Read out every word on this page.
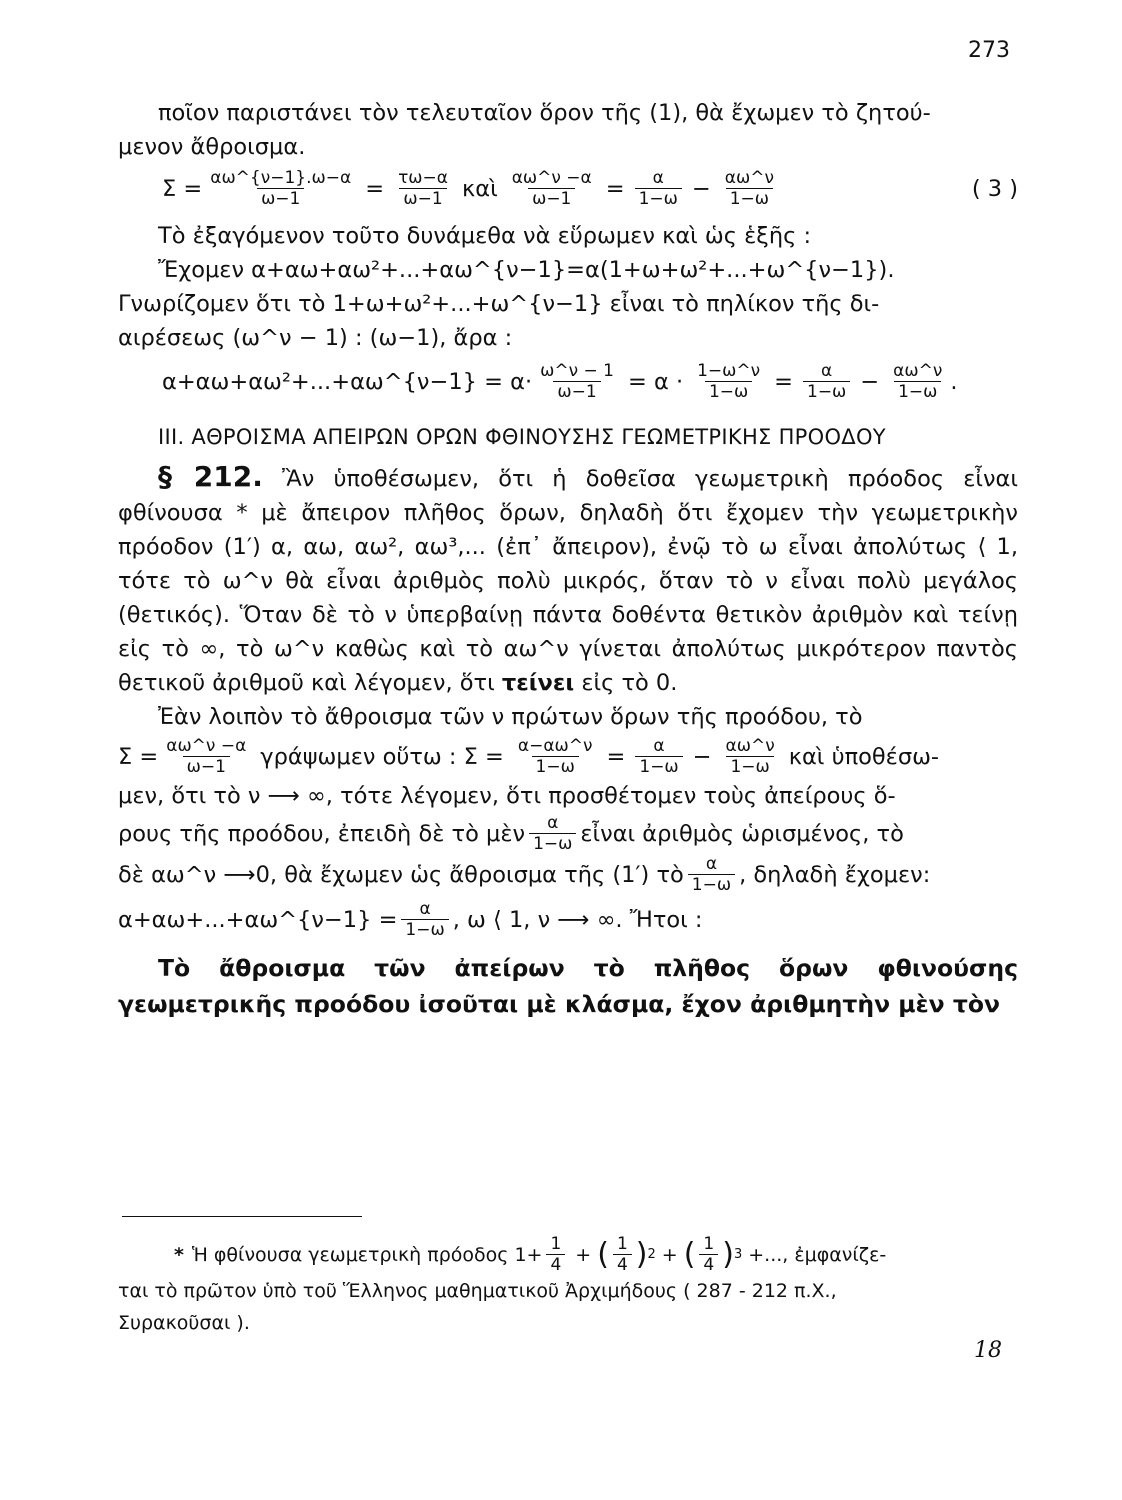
273

ποῖον παριστάνει τὸν τελευταῖον ὅρον τῆς (1), θὰ ἔχωμεν τὸ ζητού-

μενον ἄθροισμα.

$\Sigma = \frac{\alpha\omega\^{}\{\nu-1\}.\omega-\alpha}{\omega-1} = \frac{\tau\omega-\alpha}{\omega-1}$ καὶ $\frac{\alpha\omega\^{}\nu -\alpha}{\omega-1} = \frac{\alpha}{1-\omega} - \frac{\alpha\omega\^{}\nu}{1-\omega}$	( 3 )

Τὸ ἐξαγόμενον τοῦτο δυνάμεθα νὰ εὕρωμεν καὶ ὡς ἑξῆς :

Ἔχομεν α+αω+αω²+...+αω^{ν−1}=α(1+ω+ω²+...+ω^{ν−1}).

Γνωρίζομεν ὅτι τὸ 1+ω+ω²+...+ω^{ν−1} εἶναι τὸ πηλίκον τῆς δι-

αιρέσεως (ω^ν − 1) : (ω−1), ἄρα :

α+αω+αω²+...+αω^{ν−1} = $\alpha\cdot \frac{\omega\^{}\nu - 1}{\omega-1} = \alpha \cdot \frac{1-\omega\^{}\nu}{1-\omega} = \frac{\alpha}{1-\omega} - \frac{\alpha\omega\^{}\nu}{1-\omega}$ .
III. ΑΘΡΟΙΣΜΑ ΑΠΕΙΡΩΝ ΟΡΩΝ ΦΘΙΝΟΥΣΗΣ ΓΕΩΜΕΤΡΙΚΗΣ ΠΡΟΟΔΟΥ

§ 212. Ἂν ὑποθέσωμεν, ὅτι ἡ δοθεῖσα γεωμετρικὴ πρόοδος εἶναι φθίνουσα * μὲ ἄπειρον πλῆθος ὅρων, δηλαδὴ ὅτι ἔχομεν τὴν γεωμετρικὴν πρόοδον (1′) α, αω, αω², αω³,... (ἐπ᾽ ἄπειρον), ἐνῷ τὸ ω εἶναι ἀπολύτως ⟨ 1, τότε τὸ ω^ν θὰ εἶναι ἀριθμὸς πολὺ μικρός, ὅταν τὸ ν εἶναι πολὺ μεγάλος (θετικός). Ὅταν δὲ τὸ ν ὑπερβαίνῃ πάντα δοθέντα θετικὸν ἀριθμὸν καὶ τείνῃ εἰς τὸ ∞, τὸ ω^ν καθὼς καὶ τὸ αω^ν γίνεται ἀπολύτως μικρότερον παντὸς θετικοῦ ἀριθμοῦ καὶ λέγομεν, ὅτι τείνει εἰς τὸ 0.

Ἐὰν λοιπὸν τὸ ἄθροισμα τῶν ν πρώτων ὅρων τῆς προόδου, τὸ

$\Sigma = \frac{\alpha\omega\^{}\nu -\alpha}{\omega-1}$ γράψωμεν οὕτω : $\Sigma = \frac{\alpha-\alpha\omega\^{}\nu}{1-\omega} = \frac{\alpha}{1-\omega} - \frac{\alpha\omega\^{}\nu}{1-\omega}$ καὶ ὑποθέσω-

μεν, ὅτι τὸ ν ⟶ ∞, τότε λέγομεν, ὅτι προσθέτομεν τοὺς ἀπείρους ὅ-

ρους τῆς προόδου, ἐπειδὴ δὲ τὸ μὲν $\frac{\alpha}{1-\omega}$ εἶναι ἀριθμὸς ὡρισμένος, τὸ
δὲ αω^ν ⟶0, θὰ ἔχωμεν ὡς ἄθροισμα τῆς (1′) τὸ $\frac{\alpha}{1-\omega}$ , δηλαδὴ ἔχομεν:
α+αω+...+αω^{ν−1} = $\frac{\alpha}{1-\omega}$ , ω ⟨ 1, ν ⟶ ∞. Ἤτοι :

Τὸ ἄθροισμα τῶν ἀπείρων τὸ πλῆθος ὅρων φθινούσης γεωμετρικῆς προόδου ἰσοῦται μὲ κλάσμα, ἔχον ἀριθμητὴν μὲν τὸν

* Ἡ φθίνουσα γεωμετρικὴ πρόοδος $1+ \frac{1}{4}$ + ( $\frac{1}{4}$ ) 2 + ( $\frac{1}{4}$ ) 3 +..., ἐμφανίζε-
ται τὸ πρῶτον ὑπὸ τοῦ Ἕλληνος μαθηματικοῦ Ἀρχιμήδους ( 287 - 212 π.Χ.,
Συρακοῦσαι ).
18
